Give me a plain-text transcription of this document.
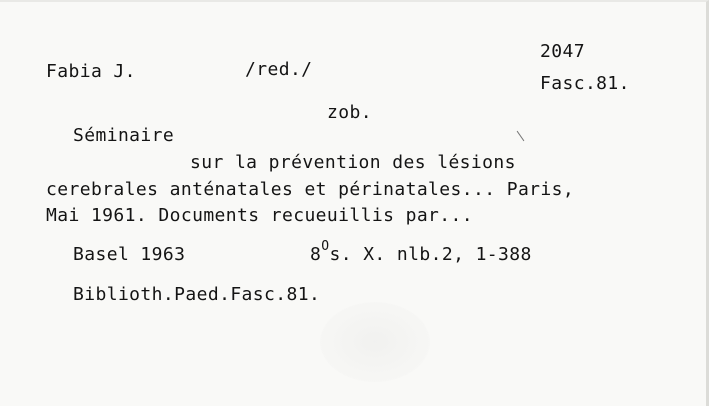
2047
Fasc.81.
Fabia J.	/red./
zob.
Séminaire
sur la prévention des lésions
cerebrales anténatales et périnatales... Paris,
Mai 1961. Documents recueuillis par...
Basel 1963	$8^Os$. X. nlb.2, 1-388
Biblioth.Paed.Fasc.81.
